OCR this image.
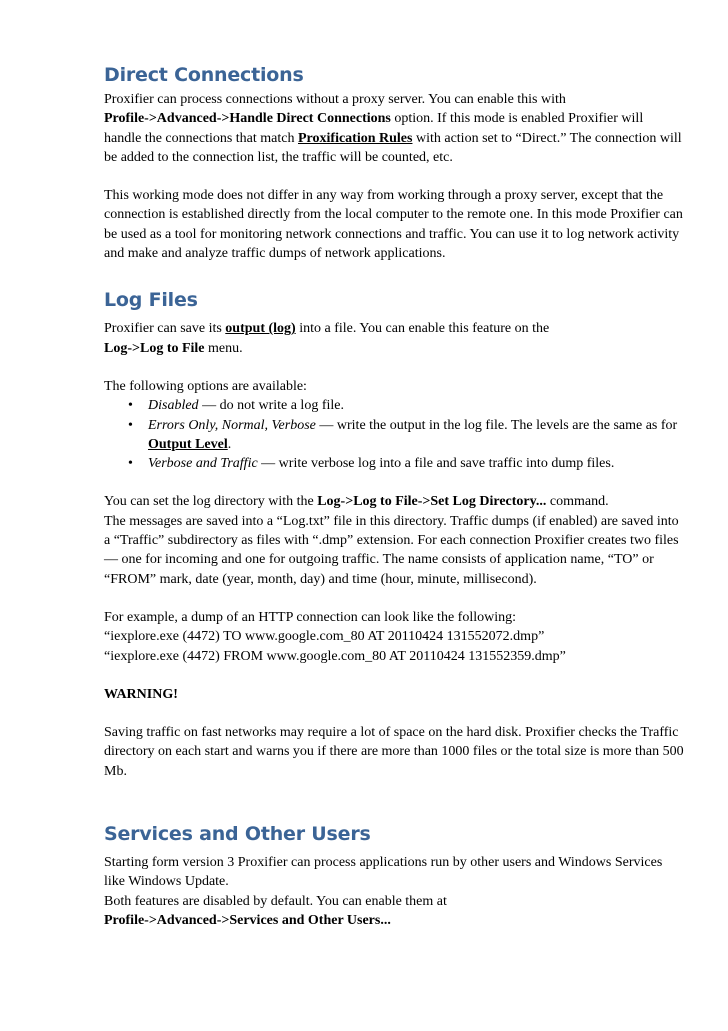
Direct Connections

Proxifier can process connections without a proxy server. You can enable this with
Profile->Advanced->Handle Direct Connections option. If this mode is enabled Proxifier will handle the connections that match Proxification Rules with action set to “Direct.” The connection will be added to the connection list, the traffic will be counted, etc.

This working mode does not differ in any way from working through a proxy server, except that the connection is established directly from the local computer to the remote one. In this mode Proxifier can be used as a tool for monitoring network connections and traffic. You can use it to log network activity and make and analyze traffic dumps of network applications.

Log Files

Proxifier can save its output (log) into a file. You can enable this feature on the
Log->Log to File menu.

The following options are available:

• Disabled — do not write a log file.
• Errors Only, Normal, Verbose — write the output in the log file. The levels are the same as for Output Level.
• Verbose and Traffic — write verbose log into a file and save traffic into dump files.

You can set the log directory with the Log->Log to File->Set Log Directory... command.
The messages are saved into a “Log.txt” file in this directory. Traffic dumps (if enabled) are saved into a “Traffic” subdirectory as files with “.dmp” extension. For each connection Proxifier creates two files — one for incoming and one for outgoing traffic. The name consists of application name, “TO” or “FROM” mark, date (year, month, day) and time (hour, minute, millisecond).

For example, a dump of an HTTP connection can look like the following:
“iexplore.exe (4472) TO www.google.com_80 AT 20110424 131552072.dmp”
“iexplore.exe (4472) FROM www.google.com_80 AT 20110424 131552359.dmp”

WARNING!

Saving traffic on fast networks may require a lot of space on the hard disk. Proxifier checks the Traffic directory on each start and warns you if there are more than 1000 files or the total size is more than 500 Mb.

Services and Other Users

Starting form version 3 Proxifier can process applications run by other users and Windows Services like Windows Update.
Both features are disabled by default. You can enable them at
Profile->Advanced->Services and Other Users...
